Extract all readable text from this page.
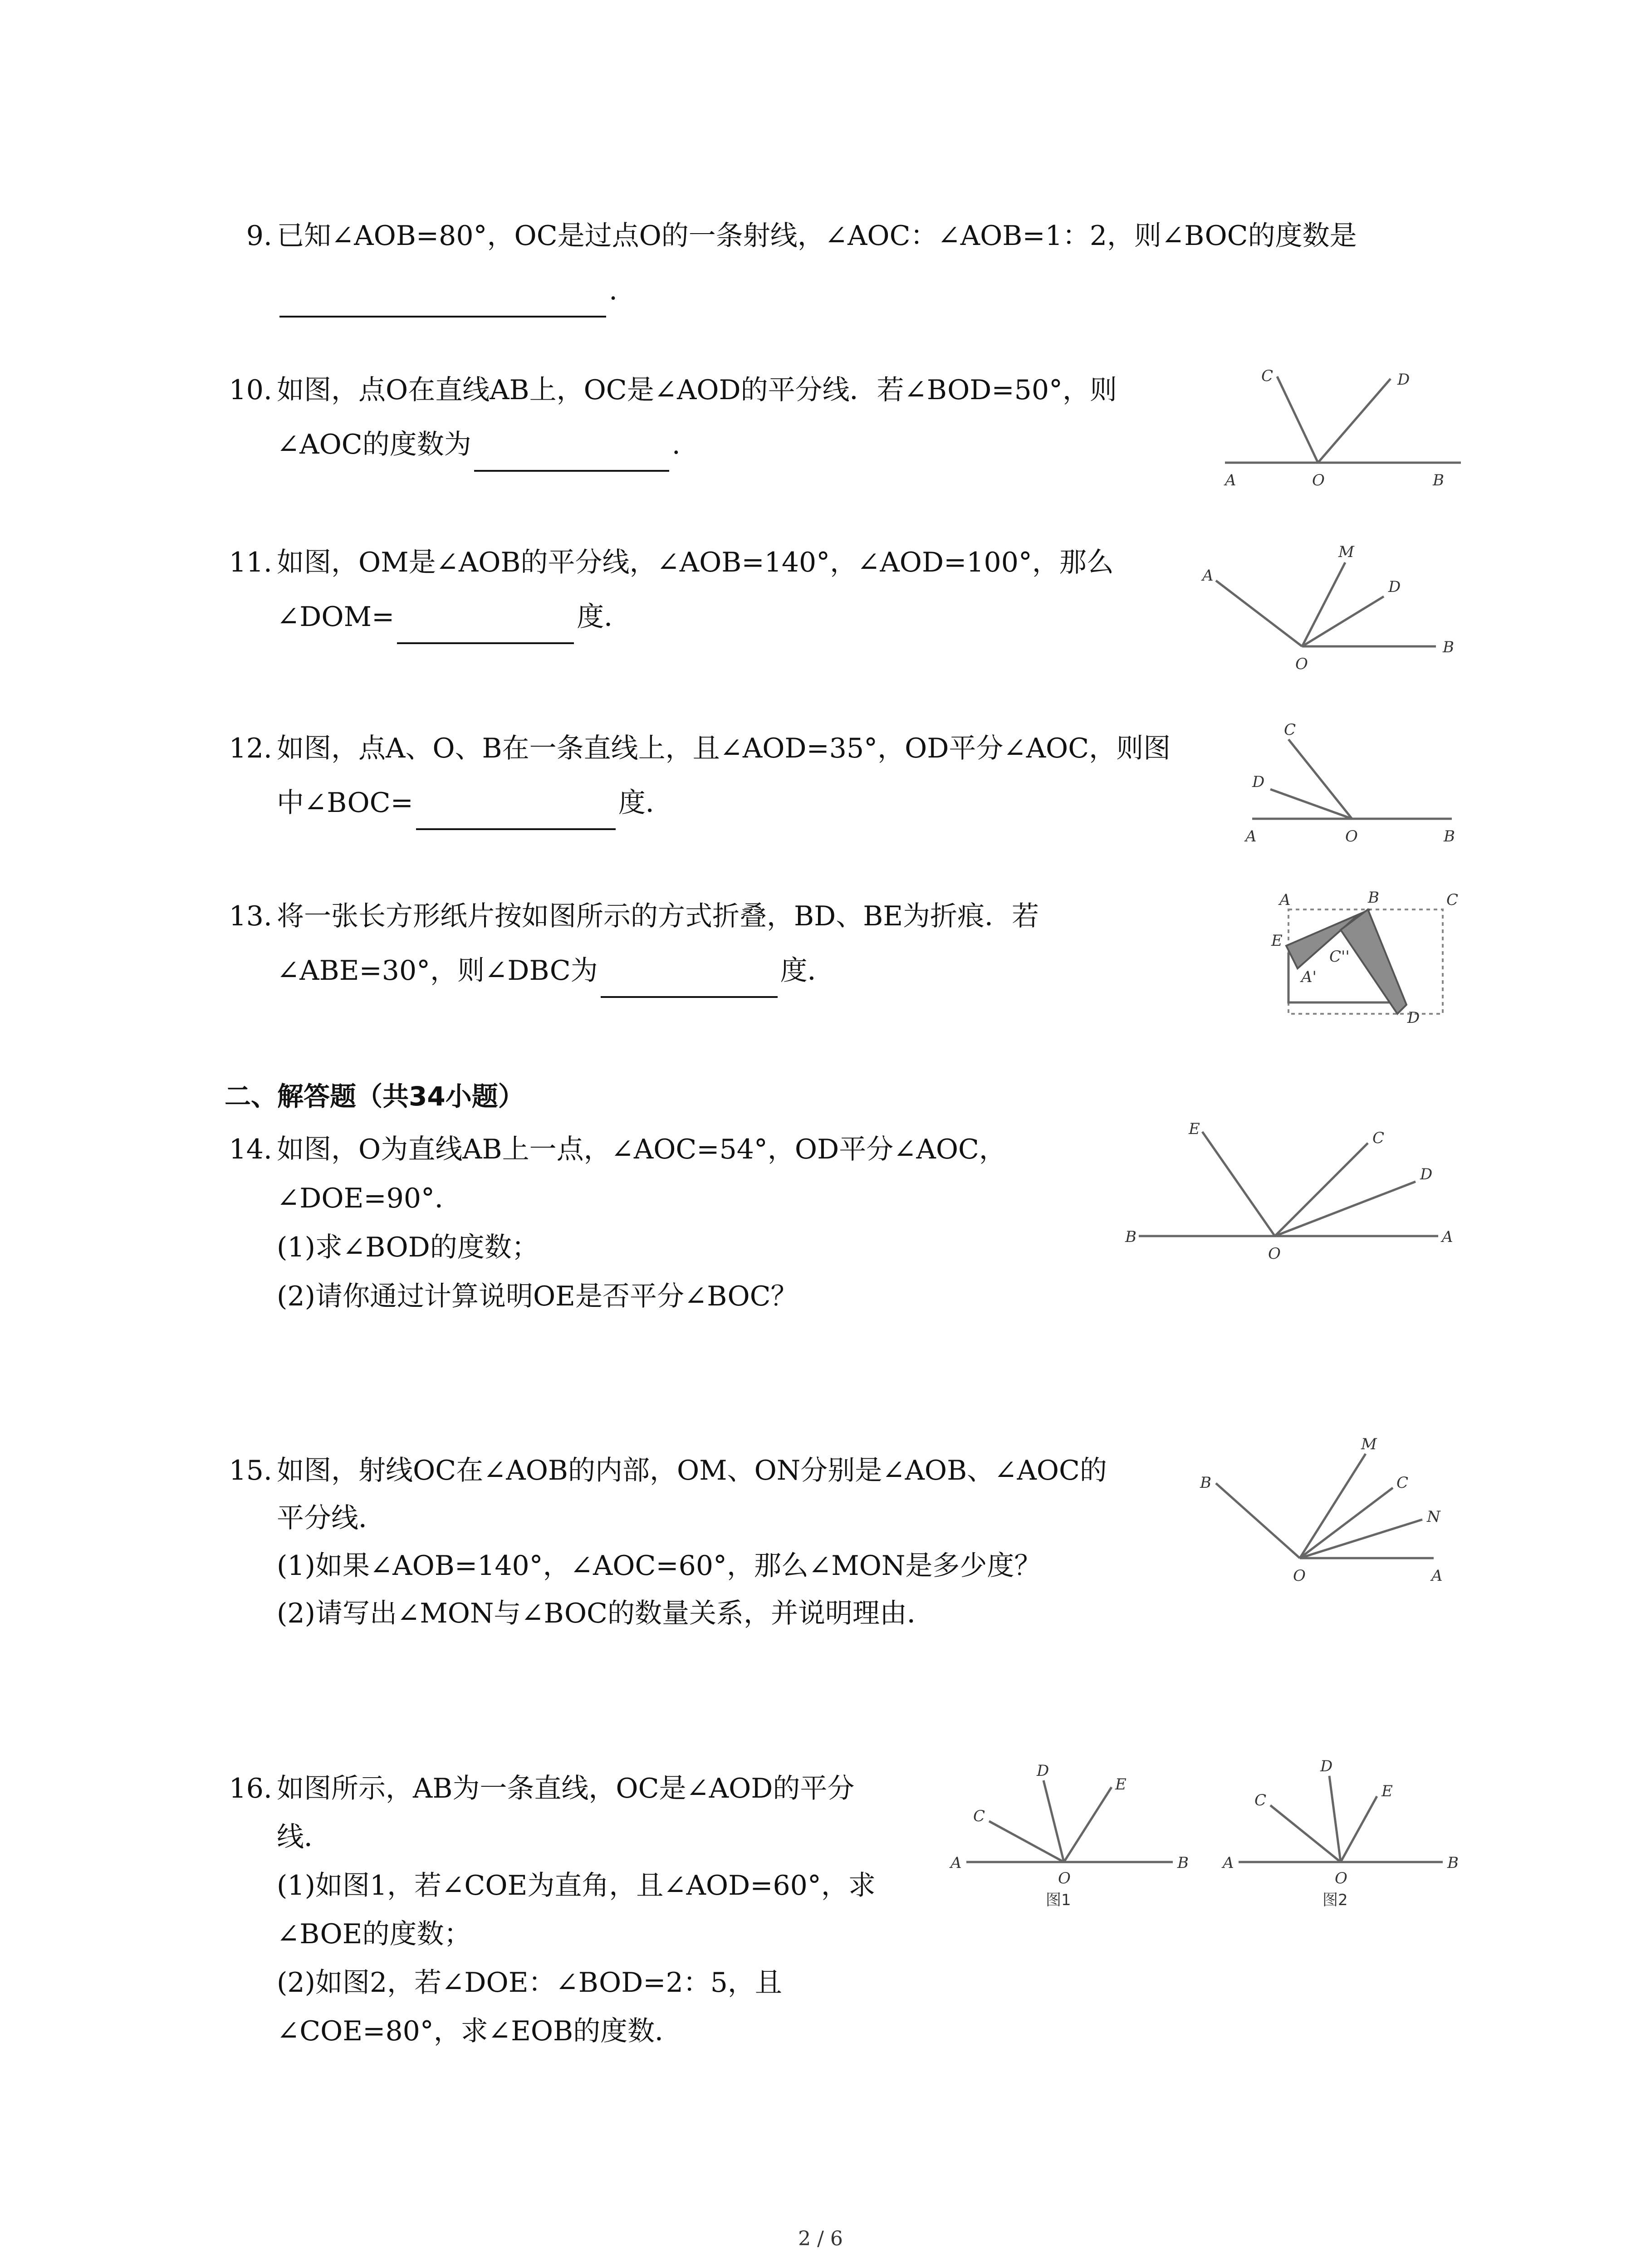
9. 已知∠AOB=80°，OC是过点O的一条射线，∠AOC：∠AOB=1：2，则∠BOC的度数是
.
10. 如图，点O在直线AB上，OC是∠AOD的平分线．若∠BOD=50°，则
∠AOC的度数为	.
11. 如图，OM是∠AOB的平分线，∠AOB=140°，∠AOD=100°，那么
∠DOM=	度．
12. 如图，点A、O、B在一条直线上，且∠AOD=35°，OD平分∠AOC，则图
中∠BOC=	度．
13. 将一张长方形纸片按如图所示的方式折叠，BD、BE为折痕．若
∠ABE=30°，则∠DBC为	度．
二、解答题（共34小题）
14. 如图，O为直线AB上一点，∠AOC=54°，OD平分∠AOC，
∠DOE=90°．
(1)求∠BOD的度数；
(2)请你通过计算说明OE是否平分∠BOC？
15. 如图，射线OC在∠AOB的内部，OM、ON分别是∠AOB、∠AOC的
平分线．
(1)如果∠AOB=140°，∠AOC=60°，那么∠MON是多少度？
(2)请写出∠MON与∠BOC的数量关系，并说明理由．
16. 如图所示，AB为一条直线，OC是∠AOD的平分
线．
(1)如图1，若∠COE为直角，且∠AOD=60°，求
∠BOE的度数；
(2)如图2，若∠DOE：∠BOD=2：5，且
∠COE=80°，求∠EOB的度数．
C	D
A	O	B
A
M
D
O
B
C
D
A	O	B
A	B	C
E
A'
C''
D
E	C
D
B
O
A
M
C
N
B
O	A
D
E
C
A
O
B
图1
D
E
C
A
O
B
图2
2 / 6
